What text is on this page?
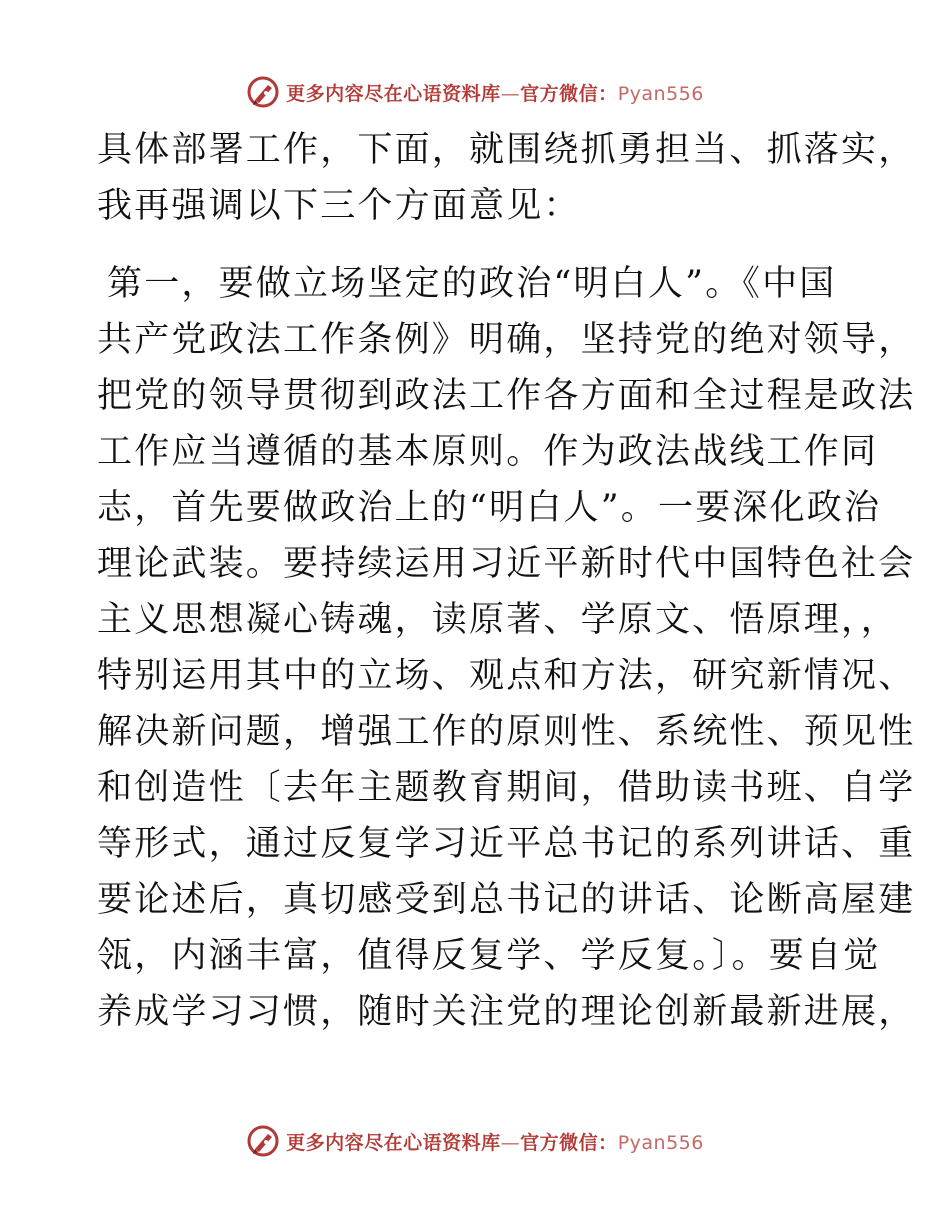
更多内容尽在心语资料库—官方微信：Pyan556
具体部署工作，下面，就围绕抓勇担当、抓落实，
我再强调以下三个方面意见：
第一，要做立场坚定的政治“明白人”。《中国
共产党政法工作条例》明确，坚持党的绝对领导，
把党的领导贯彻到政法工作各方面和全过程是政法
工作应当遵循的基本原则。作为政法战线工作同
志，首先要做政治上的“明白人”。一要深化政治
理论武装。要持续运用习近平新时代中国特色社会
主义思想凝心铸魂，读原著、学原文、悟原理，，
特别运用其中的立场、观点和方法，研究新情况、
解决新问题，增强工作的原则性、系统性、预见性
和创造性〔去年主题教育期间，借助读书班、自学
等形式，通过反复学习近平总书记的系列讲话、重
要论述后，真切感受到总书记的讲话、论断高屋建
瓴，内涵丰富，值得反复学、学反复。〕。要自觉
养成学习习惯，随时关注党的理论创新最新进展，
更多内容尽在心语资料库—官方微信：Pyan556
